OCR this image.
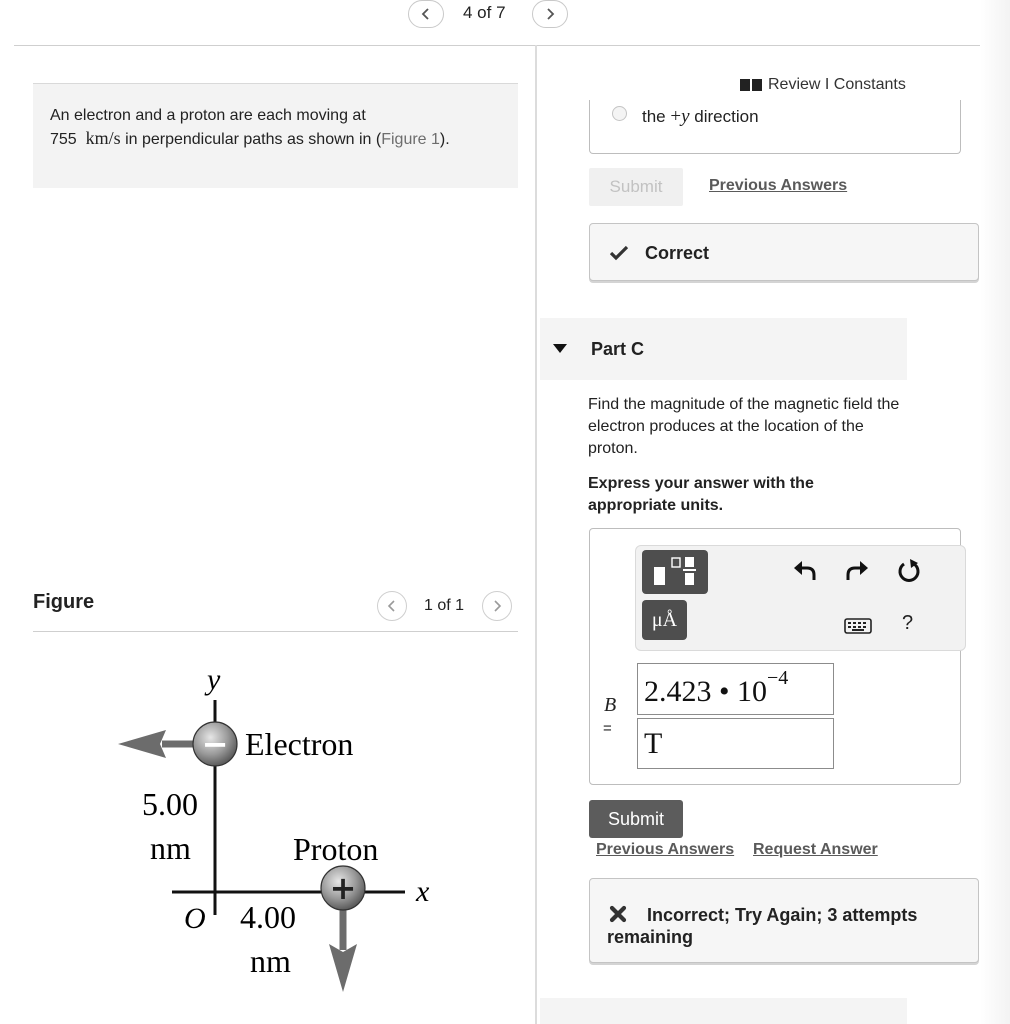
4 of 7
An electron and a proton are each moving at
755 km/s in perpendicular paths as shown in (Figure 1).
Figure	1 of 1
−
+
y
x
O
Electron
Proton
5.00
nm
4.00
nm
Review I Constants
the +y direction
Submit	Previous Answers
Correct
Part C
Find the magnitude of the magnetic field the electron produces at the location of the proton.
Express your answer with the appropriate units.
μÅ	?
B
=
2.423 • $10^{-4}$
T
Submit
Previous Answers Request Answer
Incorrect; Try Again; 3 attempts remaining
